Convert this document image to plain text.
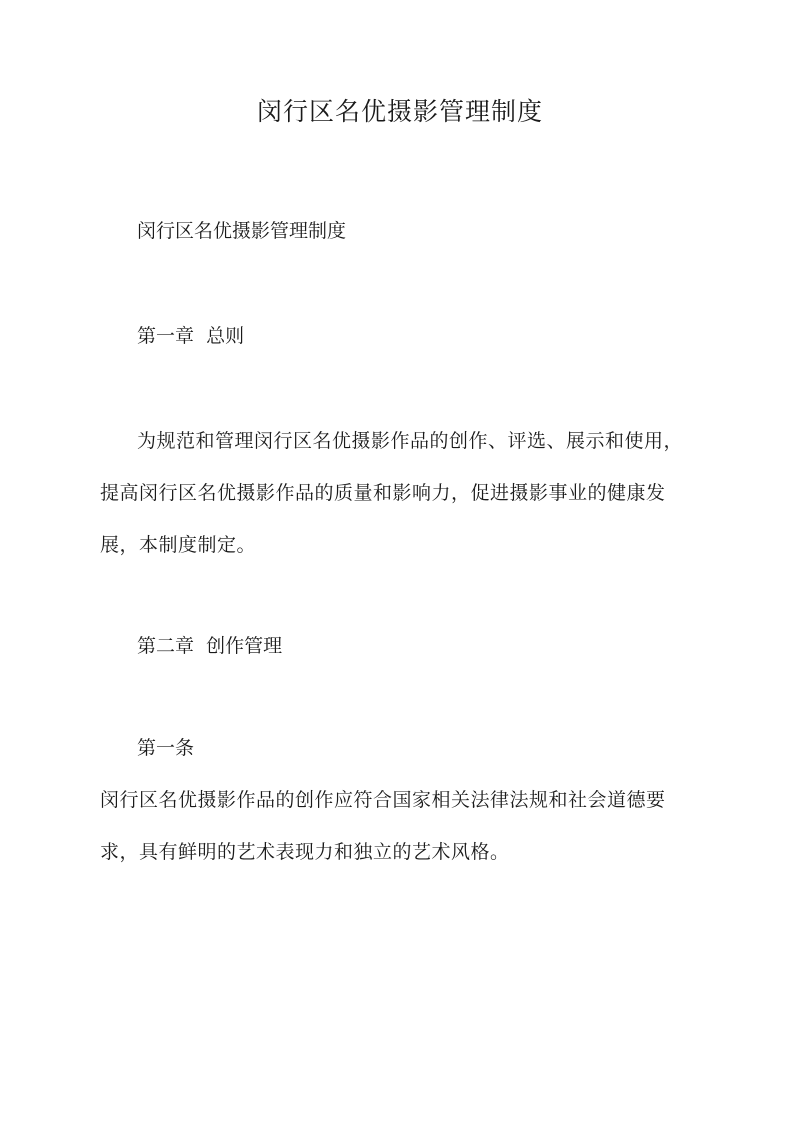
闵行区名优摄影管理制度

闵行区名优摄影管理制度

第一章  总则

为规范和管理闵行区名优摄影作品的创作、评选、展示和使用，提高闵行区名优摄影作品的质量和影响力，促进摄影事业的健康发展，本制度制定。

第二章  创作管理

第一条

闵行区名优摄影作品的创作应符合国家相关法律法规和社会道德要求，具有鲜明的艺术表现力和独立的艺术风格。
